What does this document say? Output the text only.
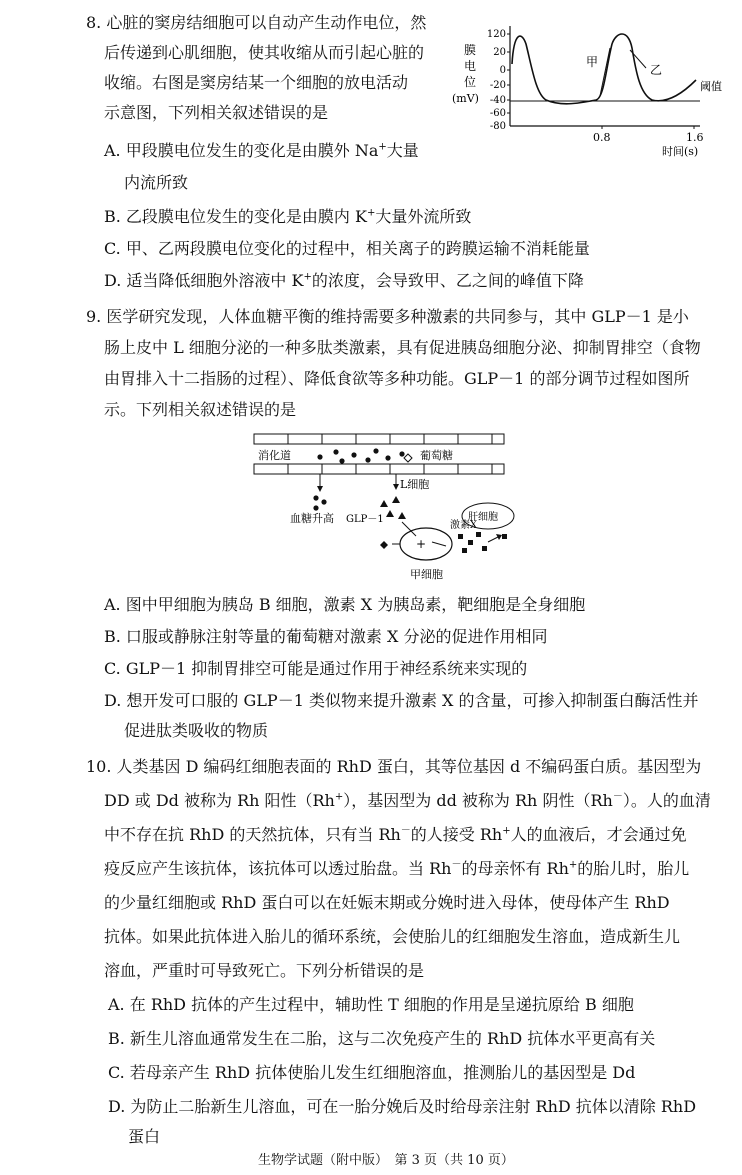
8. 心脏的窦房结细胞可以自动产生动作电位，然
后传递到心肌细胞，使其收缩从而引起心脏的
收缩。右图是窦房结某一个细胞的放电活动
示意图，下列相关叙述错误的是
A. 甲段膜电位发生的变化是由膜外 Na+大量
内流所致
B. 乙段膜电位发生的变化是由膜内 K+大量外流所致
C. 甲、乙两段膜电位变化的过程中，相关离子的跨膜运输不消耗能量
D. 适当降低细胞外溶液中 K+的浓度，会导致甲、乙之间的峰值下降
膜
电
位
(mV)
120
20
0
-20
-40
-60
-80
甲
乙
阈值
0.8	1.6
时间(s)
9. 医学研究发现，人体血糖平衡的维持需要多种激素的共同参与，其中 GLP－1 是小
肠上皮中 L 细胞分泌的一种多肽类激素，具有促进胰岛细胞分泌、抑制胃排空（食物
由胃排入十二指肠的过程）、降低食欲等多种功能。GLP－1 的部分调节过程如图所
示。下列相关叙述错误的是
消化道	葡萄糖
血糖升高
L细胞
GLP－1
+
甲细胞
激素X
肝细胞
A. 图中甲细胞为胰岛 B 细胞，激素 X 为胰岛素，靶细胞是全身细胞
B. 口服或静脉注射等量的葡萄糖对激素 X 分泌的促进作用相同
C. GLP－1 抑制胃排空可能是通过作用于神经系统来实现的
D. 想开发可口服的 GLP－1 类似物来提升激素 X 的含量，可掺入抑制蛋白酶活性并
促进肽类吸收的物质
10. 人类基因 D 编码红细胞表面的 RhD 蛋白，其等位基因 d 不编码蛋白质。基因型为
DD 或 Dd 被称为 Rh 阳性（Rh+），基因型为 dd 被称为 Rh 阴性（Rh－）。人的血清
中不存在抗 RhD 的天然抗体，只有当 Rh－的人接受 Rh+人的血液后，才会通过免
疫反应产生该抗体，该抗体可以透过胎盘。当 Rh－的母亲怀有 Rh+的胎儿时，胎儿
的少量红细胞或 RhD 蛋白可以在妊娠末期或分娩时进入母体，使母体产生 RhD
抗体。如果此抗体进入胎儿的循环系统，会使胎儿的红细胞发生溶血，造成新生儿
溶血，严重时可导致死亡。下列分析错误的是
A. 在 RhD 抗体的产生过程中，辅助性 T 细胞的作用是呈递抗原给 B 细胞
B. 新生儿溶血通常发生在二胎，这与二次免疫产生的 RhD 抗体水平更高有关
C. 若母亲产生 RhD 抗体使胎儿发生红细胞溶血，推测胎儿的基因型是 Dd
D. 为防止二胎新生儿溶血，可在一胎分娩后及时给母亲注射 RhD 抗体以清除 RhD
蛋白
生物学试题（附中版）　第 3 页（共 10 页）
